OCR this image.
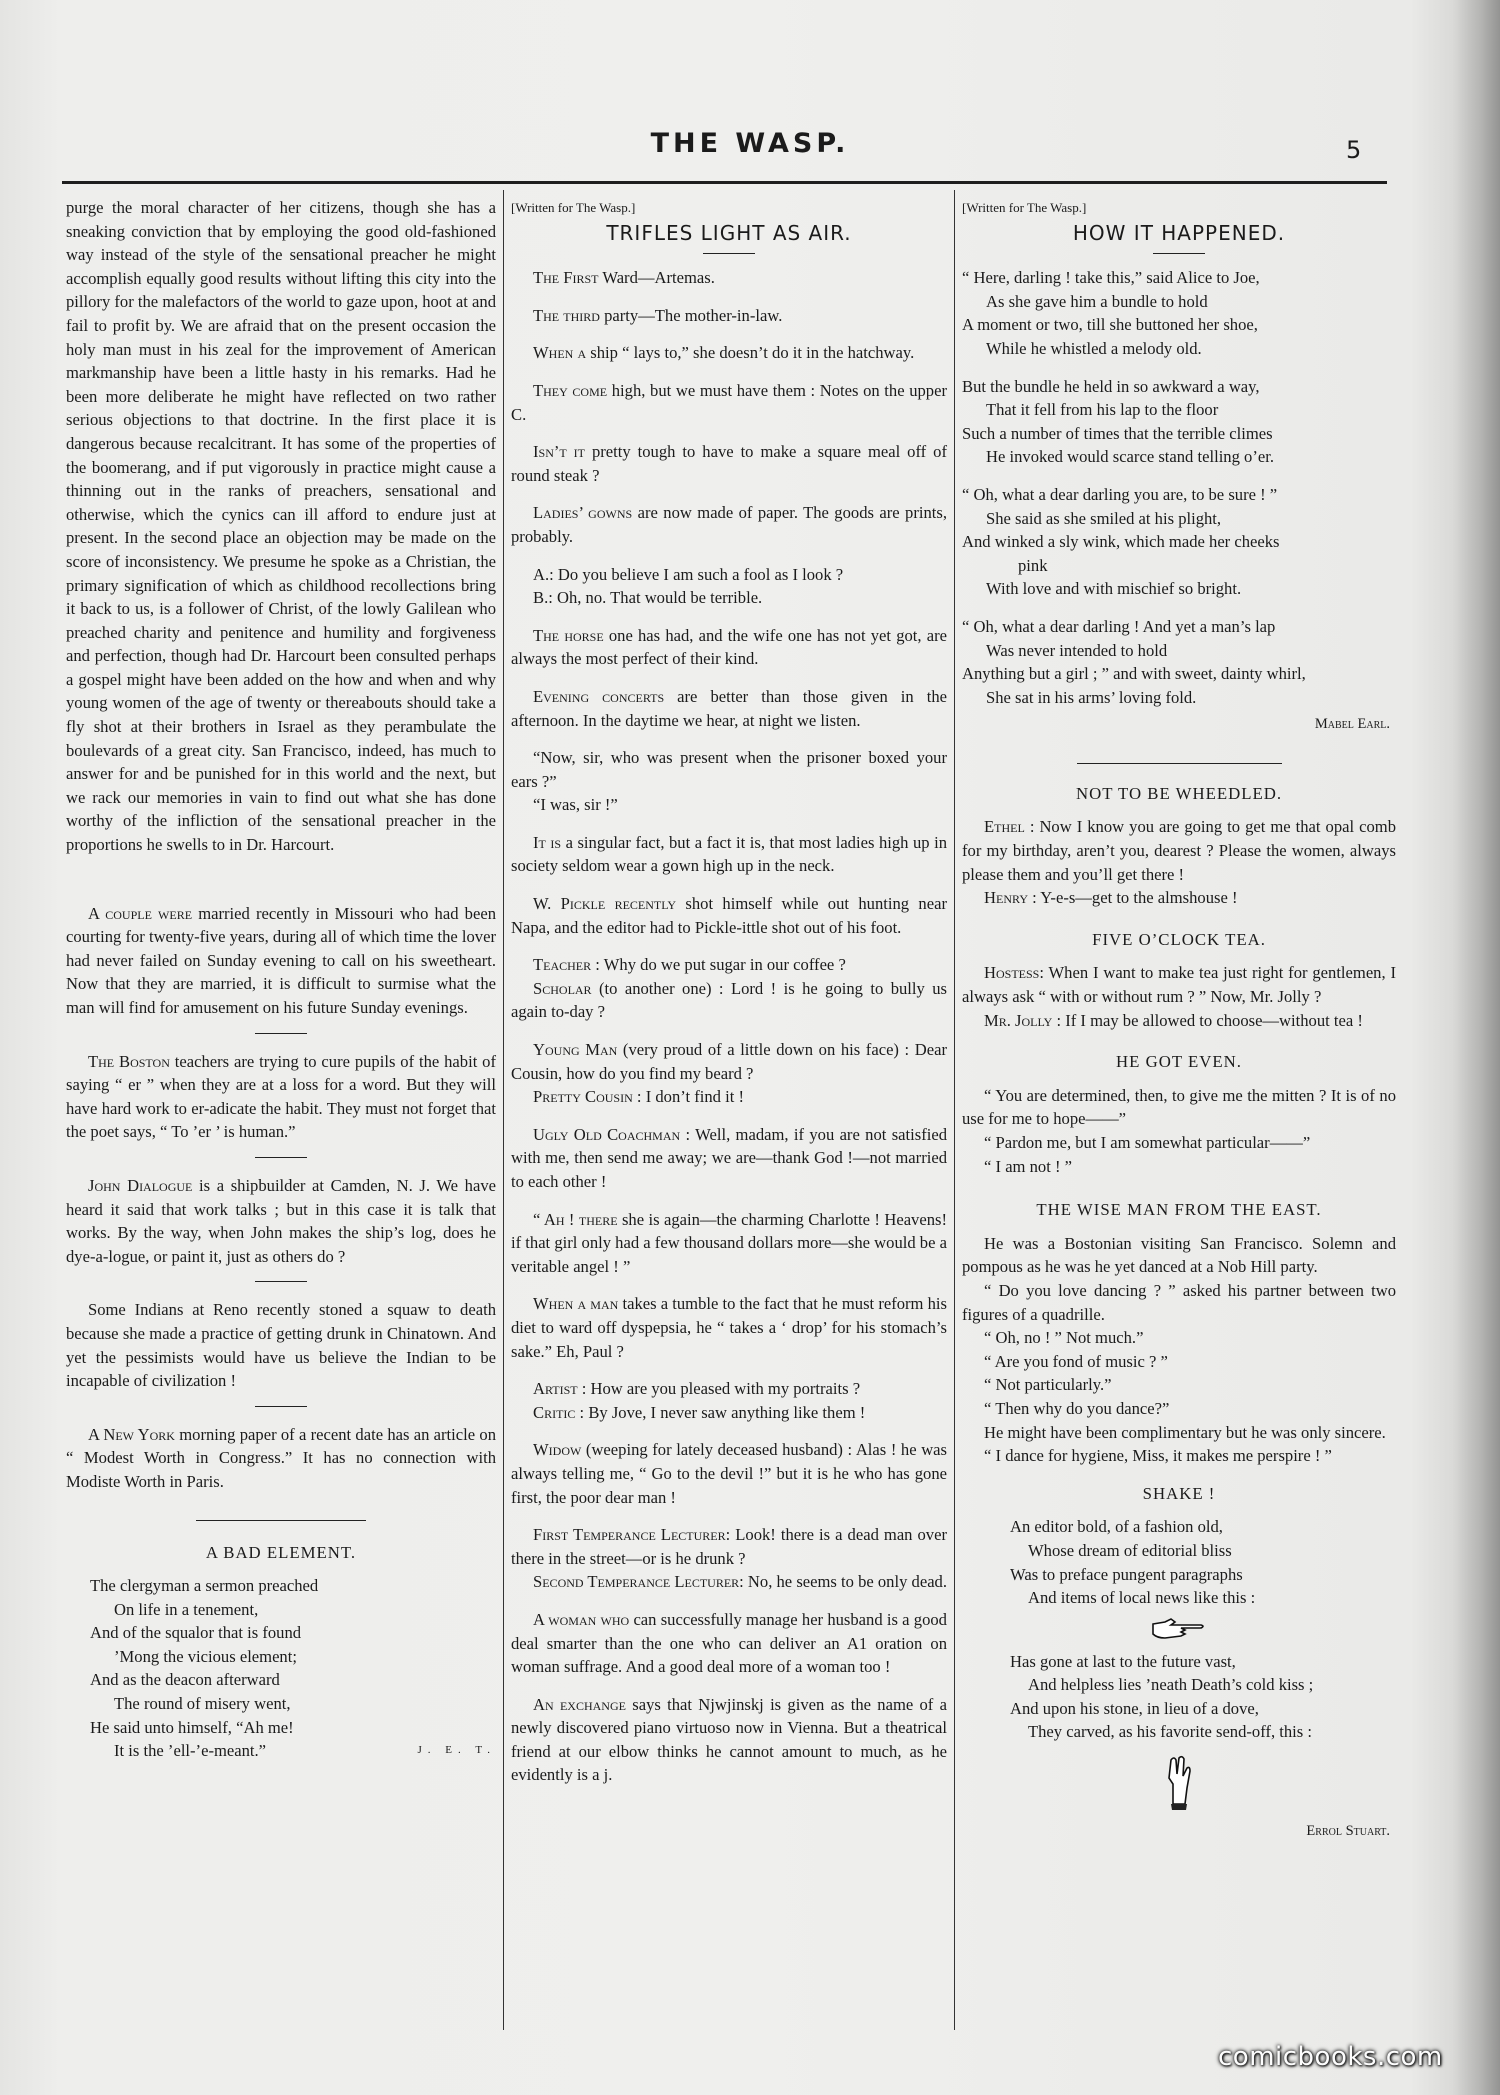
THE WASP.	5

purge the moral character of her citizens, though she has a sneaking conviction that by employing the good old-fashioned way instead of the style of the sensational preacher he might accomplish equally good results without lifting this city into the pillory for the malefactors of the world to gaze upon, hoot at and fail to profit by. We are afraid that on the present occasion the holy man must in his zeal for the improvement of American markmanship have been a little hasty in his remarks. Had he been more deliberate he might have reflected on two rather serious objections to that doctrine. In the first place it is dangerous because recalcitrant. It has some of the properties of the boomerang, and if put vigorously in practice might cause a thinning out in the ranks of preachers, sensational and otherwise, which the cynics can ill afford to endure just at present. In the second place an objection may be made on the score of inconsistency. We presume he spoke as a Christian, the primary signification of which as childhood recollections bring it back to us, is a follower of Christ, of the lowly Galilean who preached charity and penitence and humility and forgiveness and perfection, though had Dr. Harcourt been consulted perhaps a gospel might have been added on the how and when and why young women of the age of twenty or thereabouts should take a fly shot at their brothers in Israel as they perambulate the boulevards of a great city. San Francisco, indeed, has much to answer for and be punished for in this world and the next, but we rack our memories in vain to find out what she has done worthy of the infliction of the sensational preacher in the proportions he swells to in Dr. Harcourt.

A couple were married recently in Missouri who had been courting for twenty-five years, during all of which time the lover had never failed on Sunday evening to call on his sweetheart. Now that they are married, it is difficult to surmise what the man will find for amusement on his future Sunday evenings.

The Boston teachers are trying to cure pupils of the habit of saying “ er ” when they are at a loss for a word. But they will have hard work to er-adicate the habit. They must not forget that the poet says, “ To ’er ’ is human.”

John Dialogue is a shipbuilder at Camden, N. J. We have heard it said that work talks ; but in this case it is talk that works. By the way, when John makes the ship’s log, does he dye-a-logue, or paint it, just as others do ?

Some Indians at Reno recently stoned a squaw to death because she made a practice of getting drunk in Chinatown. And yet the pessimists would have us believe the Indian to be incapable of civilization !

A New York morning paper of a recent date has an article on “ Modest Worth in Congress.” It has no connection with Modiste Worth in Paris.

A BAD ELEMENT.
The clergyman a sermon preached
On life in a tenement,
And of the squalor that is found
’Mong the vicious element;
And as the deacon afterward
The round of misery went,
He said unto himself, “Ah me!
It is the ’ell-’e-meant.”	J. E. T.

[Written for The Wasp.]

TRIFLES LIGHT AS AIR.

The First Ward—Artemas.

The third party—The mother-in-law.

When a ship “ lays to,” she doesn’t do it in the hatchway.

They come high, but we must have them : Notes on the upper C.

Isn’t it pretty tough to have to make a square meal off of round steak ?

Ladies’ gowns are now made of paper. The goods are prints, probably.

A.: Do you believe I am such a fool as I look ?

B.: Oh, no. That would be terrible.

The horse one has had, and the wife one has not yet got, are always the most perfect of their kind.

Evening concerts are better than those given in the afternoon. In the daytime we hear, at night we listen.

“Now, sir, who was present when the prisoner boxed your ears ?”

“I was, sir !”

It is a singular fact, but a fact it is, that most ladies high up in society seldom wear a gown high up in the neck.

W. Pickle recently shot himself while out hunting near Napa, and the editor had to Pickle-ittle shot out of his foot.

Teacher : Why do we put sugar in our coffee ?

Scholar (to another one) : Lord ! is he going to bully us again to-day ?

Young Man (very proud of a little down on his face) : Dear Cousin, how do you find my beard ?

Pretty Cousin : I don’t find it !

Ugly Old Coachman : Well, madam, if you are not satisfied with me, then send me away; we are—thank God !—not married to each other !

“ Ah ! there she is again—the charming Charlotte ! Heavens! if that girl only had a few thousand dollars more—she would be a veritable angel ! ”

When a man takes a tumble to the fact that he must reform his diet to ward off dyspepsia, he “ takes a ‘ drop’ for his stomach’s sake.” Eh, Paul ?

Artist : How are you pleased with my portraits ?

Critic : By Jove, I never saw anything like them !

Widow (weeping for lately deceased husband) : Alas ! he was always telling me, “ Go to the devil !” but it is he who has gone first, the poor dear man !

First Temperance Lecturer: Look! there is a dead man over there in the street—or is he drunk ?

Second Temperance Lecturer: No, he seems to be only dead.

A woman who can successfully manage her husband is a good deal smarter than the one who can deliver an A1 oration on woman suffrage. And a good deal more of a woman too !

An exchange says that Njwjinskj is given as the name of a newly discovered piano virtuoso now in Vienna. But a theatrical friend at our elbow thinks he cannot amount to much, as he evidently is a j.

[Written for The Wasp.]

HOW IT HAPPENED.
“ Here, darling ! take this,” said Alice to Joe,
As she gave him a bundle to hold
A moment or two, till she buttoned her shoe,
While he whistled a melody old.
But the bundle he held in so awkward a way,
That it fell from his lap to the floor
Such a number of times that the terrible climes
He invoked would scarce stand telling o’er.
“ Oh, what a dear darling you are, to be sure ! ”
She said as she smiled at his plight,
And winked a sly wink, which made her cheeks
pink
With love and with mischief so bright.
“ Oh, what a dear darling ! And yet a man’s lap
Was never intended to hold
Anything but a girl ; ” and with sweet, dainty whirl,
She sat in his arms’ loving fold.
Mabel Earl.
NOT TO BE WHEEDLED.

Ethel : Now I know you are going to get me that opal comb for my birthday, aren’t you, dearest ? Please the women, always please them and you’ll get there !

Henry : Y-e-s—get to the almshouse !

FIVE O’CLOCK TEA.

Hostess: When I want to make tea just right for gentlemen, I always ask “ with or without rum ? ” Now, Mr. Jolly ?

Mr. Jolly : If I may be allowed to choose—without tea !

HE GOT EVEN.

“ You are determined, then, to give me the mitten ? It is of no use for me to hope——”

“ Pardon me, but I am somewhat particular——”

“ I am not ! ”

THE WISE MAN FROM THE EAST.

He was a Bostonian visiting San Francisco. Solemn and pompous as he was he yet danced at a Nob Hill party.

“ Do you love dancing ? ” asked his partner between two figures of a quadrille.

“ Oh, no ! ” Not much.”

“ Are you fond of music ? ”

“ Not particularly.”

“ Then why do you dance?”

He might have been complimentary but he was only sincere.

“ I dance for hygiene, Miss, it makes me perspire ! ”

SHAKE !
An editor bold, of a fashion old,
Whose dream of editorial bliss
Was to preface pungent paragraphs
And items of local news like this :
Has gone at last to the future vast,
And helpless lies ’neath Death’s cold kiss ;
And upon his stone, in lieu of a dove,
They carved, as his favorite send-off, this :
Errol Stuart.
comicbooks.com
